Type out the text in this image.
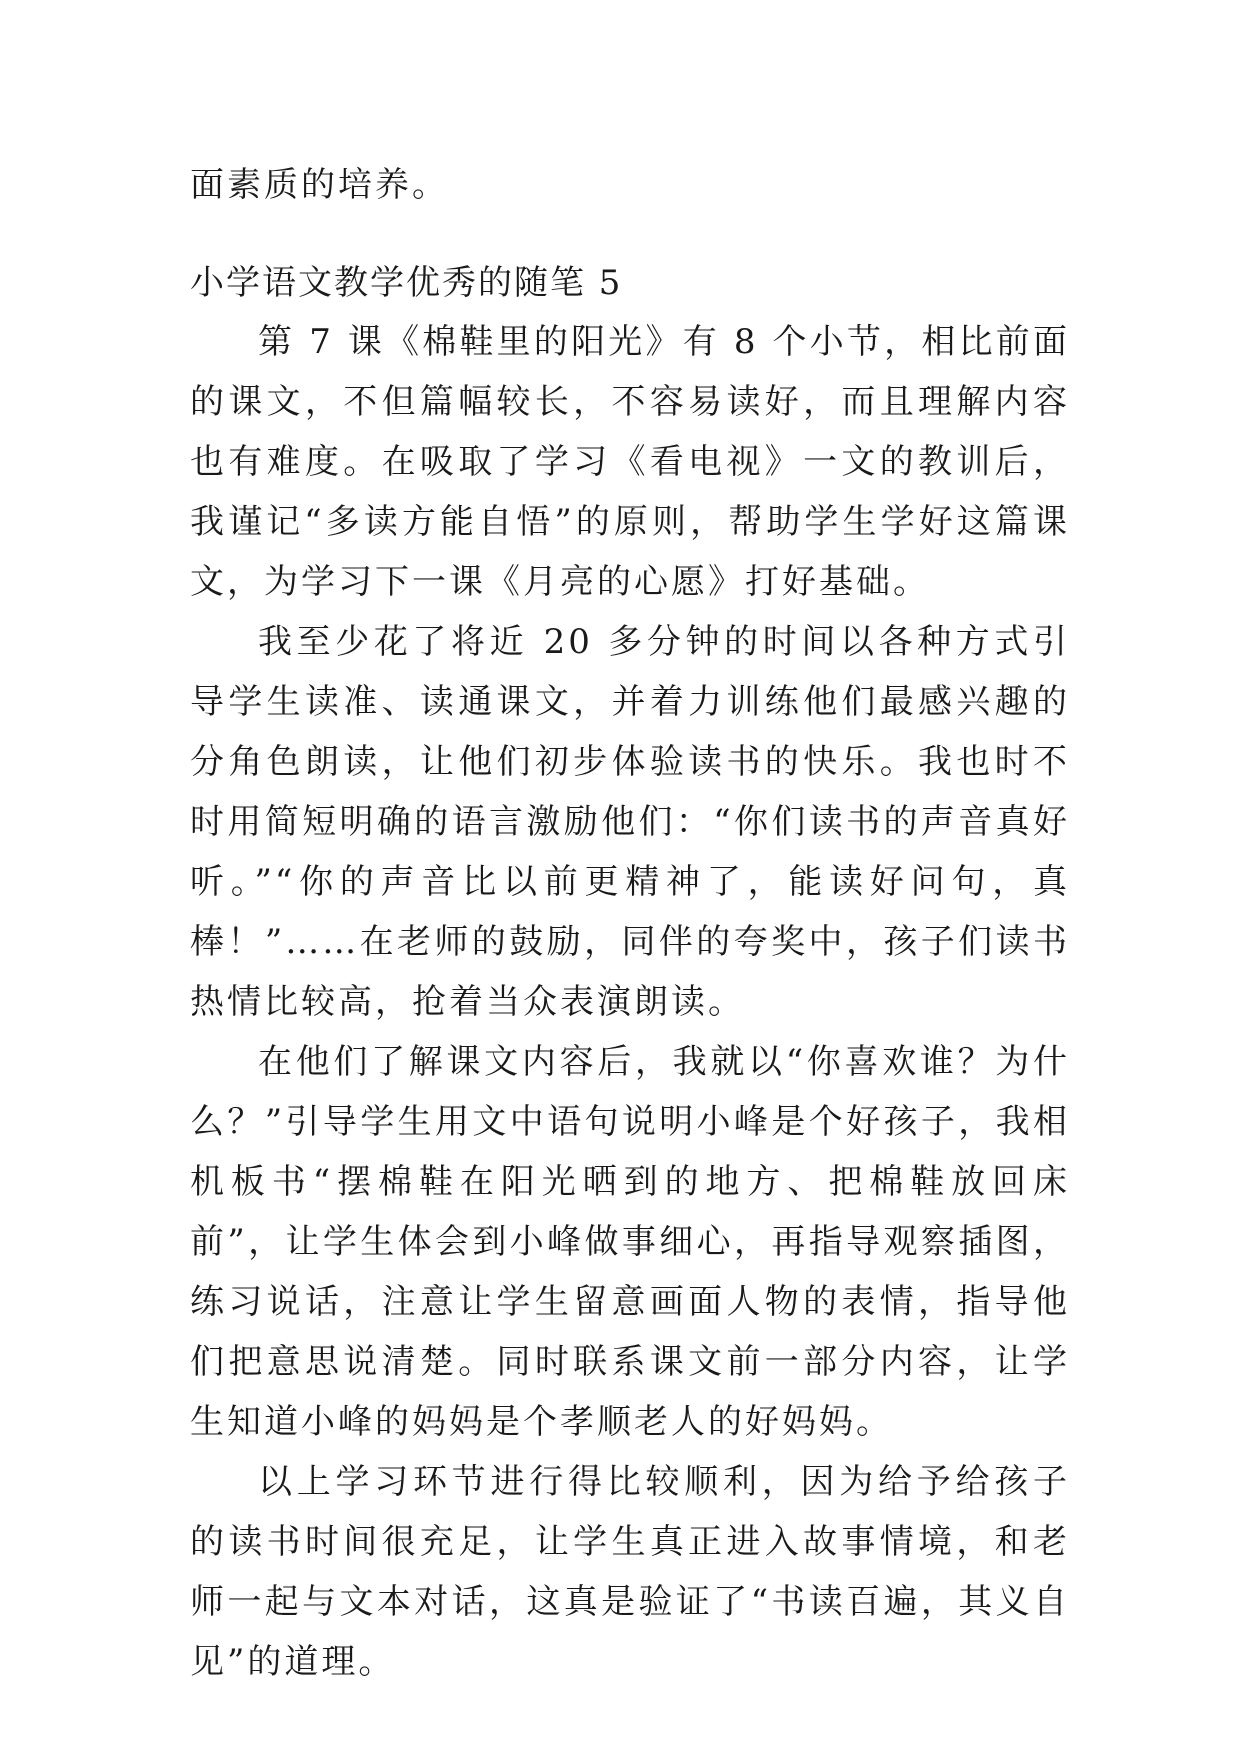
面素质的培养。

小学语文教学优秀的随笔 5

第 7 课《棉鞋里的阳光》有 8 个小节，相比前面的课文，不但篇幅较长，不容易读好，而且理解内容也有难度。在吸取了学习《看电视》一文的教训后，我谨记“多读方能自悟”的原则，帮助学生学好这篇课文，为学习下一课《月亮的心愿》打好基础。

我至少花了将近 20 多分钟的时间以各种方式引导学生读准、读通课文，并着力训练他们最感兴趣的分角色朗读，让他们初步体验读书的快乐。我也时不时用简短明确的语言激励他们：“你们读书的声音真好听。”“你的声音比以前更精神了，能读好问句，真棒！”……在老师的鼓励，同伴的夸奖中，孩子们读书热情比较高，抢着当众表演朗读。

在他们了解课文内容后，我就以“你喜欢谁？为什么？”引导学生用文中语句说明小峰是个好孩子，我相机板书“摆棉鞋在阳光晒到的地方、把棉鞋放回床前”，让学生体会到小峰做事细心，再指导观察插图，练习说话，注意让学生留意画面人物的表情，指导他们把意思说清楚。同时联系课文前一部分内容，让学生知道小峰的妈妈是个孝顺老人的好妈妈。

以上学习环节进行得比较顺利，因为给予给孩子的读书时间很充足，让学生真正进入故事情境，和老师一起与文本对话，这真是验证了“书读百遍，其义自见”的道理。
